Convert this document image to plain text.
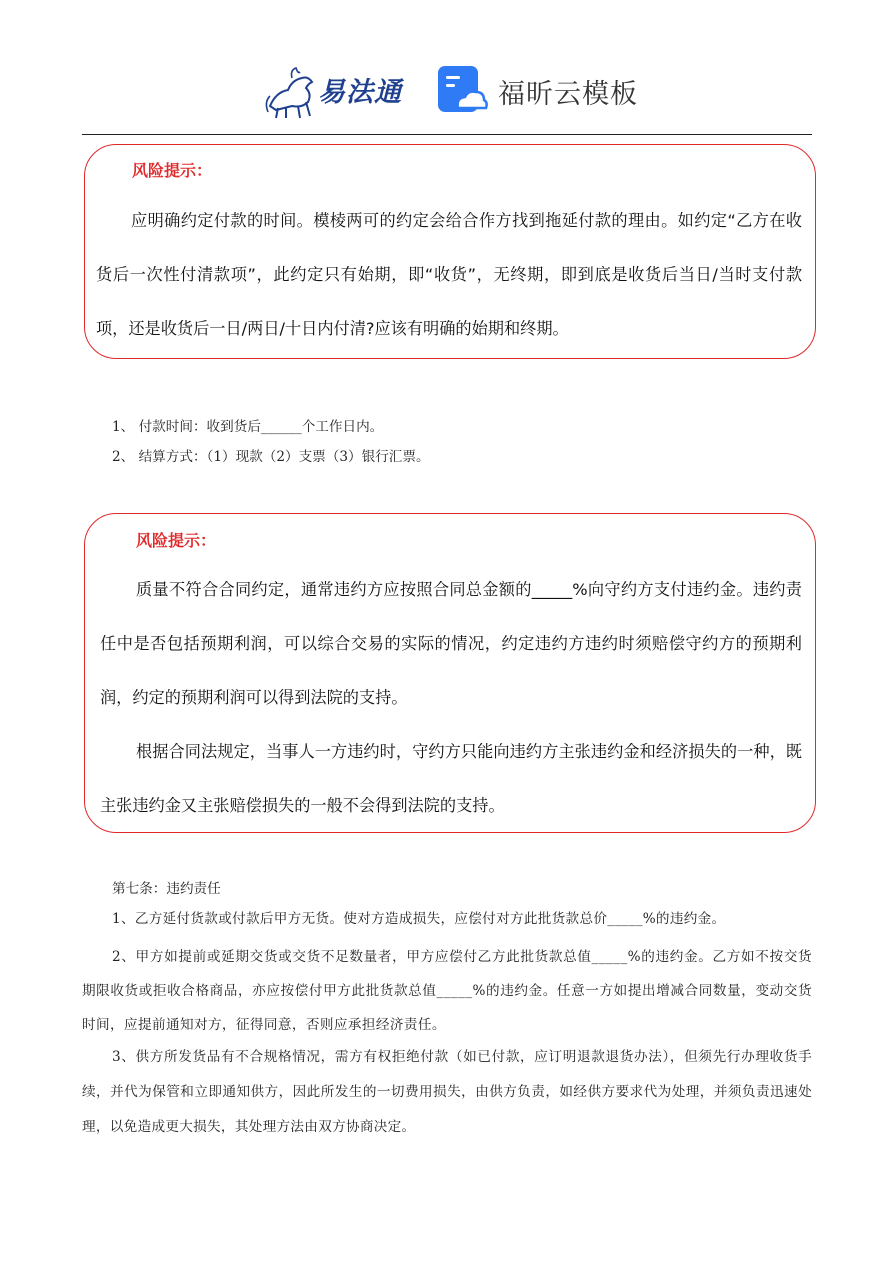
易法通	福昕云模板
风险提示：
应明确约定付款的时间。模棱两可的约定会给合作方找到拖延付款的理由。如约定“乙方在收货后一次性付清款项”，此约定只有始期，即“收货”，无终期，即到底是收货后当日/当时支付款项，还是收货后一日/两日/十日内付清?应该有明确的始期和终期。
1、 付款时间：收到货后______个工作日内。
2、 结算方式：（1）现款（2）支票（3）银行汇票。
风险提示：
质量不符合合同约定，通常违约方应按照合同总金额的_____%向守约方支付违约金。违约责任中是否包括预期利润，可以综合交易的实际的情况，约定违约方违约时须赔偿守约方的预期利润，约定的预期利润可以得到法院的支持。
根据合同法规定，当事人一方违约时，守约方只能向违约方主张违约金和经济损失的一种，既主张违约金又主张赔偿损失的一般不会得到法院的支持。
第七条：违约责任
1、乙方延付货款或付款后甲方无货。使对方造成损失，应偿付对方此批货款总价_____%的违约金。
2、甲方如提前或延期交货或交货不足数量者，甲方应偿付乙方此批货款总值_____%的违约金。乙方如不按交货期限收货或拒收合格商品，亦应按偿付甲方此批货款总值_____%的违约金。任意一方如提出增减合同数量，变动交货时间，应提前通知对方，征得同意，否则应承担经济责任。
3、供方所发货品有不合规格情况，需方有权拒绝付款（如已付款，应订明退款退货办法），但须先行办理收货手续，并代为保管和立即通知供方，因此所发生的一切费用损失，由供方负责，如经供方要求代为处理，并须负责迅速处理，以免造成更大损失，其处理方法由双方协商决定。
